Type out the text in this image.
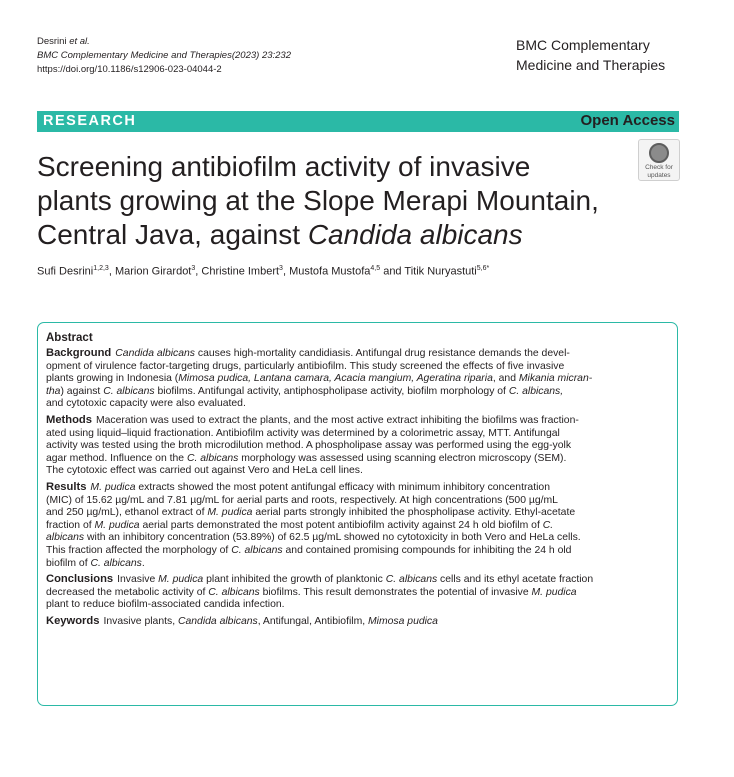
Desrini et al.
BMC Complementary Medicine and Therapies(2023) 23:232
https://doi.org/10.1186/s12906-023-04044-2
BMC Complementary
Medicine and Therapies
RESEARCH	Open Access
Screening antibiofilm activity of invasive
plants growing at the Slope Merapi Mountain,
Central Java, against Candida albicans
Check for
updates
Sufi Desrini$^{1,2,3}$, Marion Girardot$^3$, Christine Imbert$^3$, Mustofa Mustofa$^{4,5}$ and Titik Nuryastuti$^{5,6*}$
Abstract
Background Candida albicans causes high-mortality candidiasis. Antifungal drug resistance demands the devel-
opment of virulence factor-targeting drugs, particularly antibiofilm. This study screened the effects of five invasive
plants growing in Indonesia (Mimosa pudica, Lantana camara, Acacia mangium, Ageratina riparia, and Mikania micran-
tha) against C. albicans biofilms. Antifungal activity, antiphospholipase activity, biofilm morphology of C. albicans,
and cytotoxic capacity were also evaluated.
Methods Maceration was used to extract the plants, and the most active extract inhibiting the biofilms was fraction-
ated using liquid–liquid fractionation. Antibiofilm activity was determined by a colorimetric assay, MTT. Antifungal
activity was tested using the broth microdilution method. A phospholipase assay was performed using the egg-yolk
agar method. Influence on the C. albicans morphology was assessed using scanning electron microscopy (SEM).
The cytotoxic effect was carried out against Vero and HeLa cell lines.
Results M. pudica extracts showed the most potent antifungal efficacy with minimum inhibitory concentration
(MIC) of 15.62 µg/mL and 7.81 µg/mL for aerial parts and roots, respectively. At high concentrations (500 µg/mL
and 250 µg/mL), ethanol extract of M. pudica aerial parts strongly inhibited the phospholipase activity. Ethyl-acetate
fraction of M. pudica aerial parts demonstrated the most potent antibiofilm activity against 24 h old biofilm of C.
albicans with an inhibitory concentration (53.89%) of 62.5 µg/mL showed no cytotoxicity in both Vero and HeLa cells.
This fraction affected the morphology of C. albicans and contained promising compounds for inhibiting the 24 h old
biofilm of C. albicans.
Conclusions Invasive M. pudica plant inhibited the growth of planktonic C. albicans cells and its ethyl acetate fraction
decreased the metabolic activity of C. albicans biofilms. This result demonstrates the potential of invasive M. pudica
plant to reduce biofilm-associated candida infection.
Keywords Invasive plants, Candida albicans, Antifungal, Antibiofilm, Mimosa pudica
